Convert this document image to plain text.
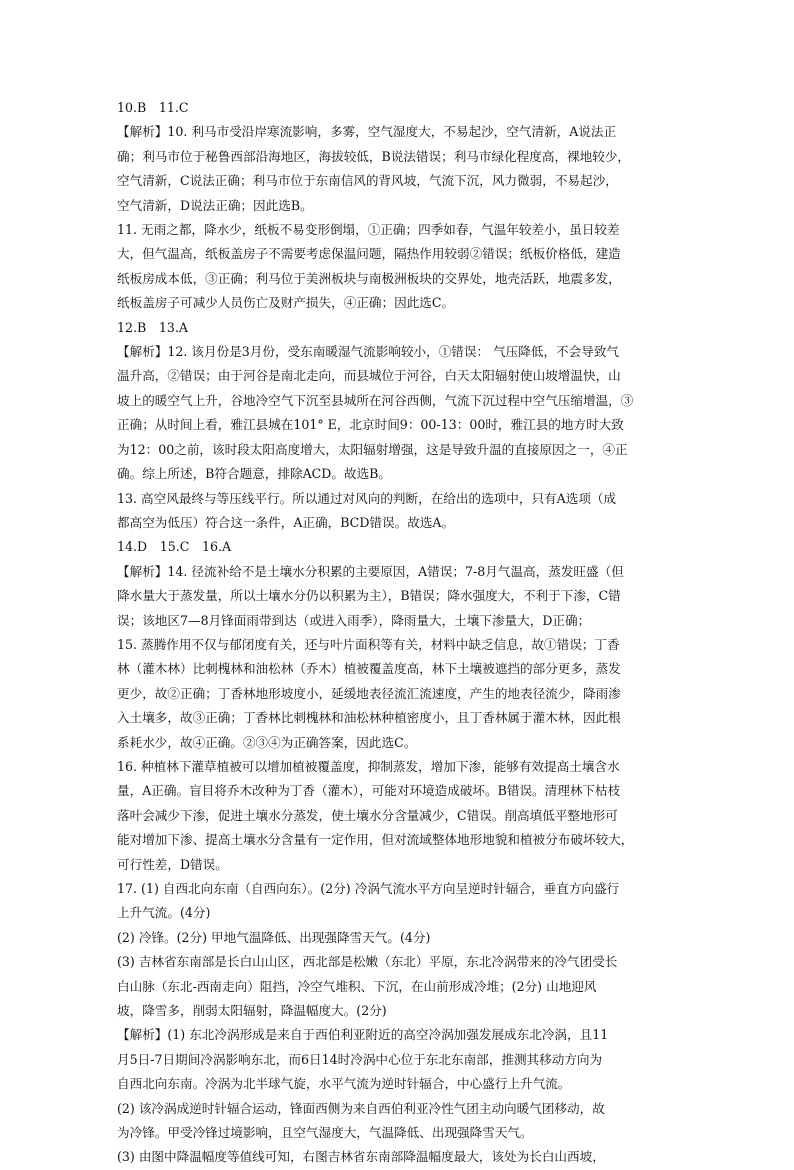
10.B　11.C

【解析】10. 利马市受沿岸寒流影响，多雾，空气湿度大，不易起沙，空气清新，A说法正

确；利马市位于秘鲁西部沿海地区，海拔较低，B说法错误；利马市绿化程度高，裸地较少，

空气清新，C说法正确；利马市位于东南信风的背风坡，气流下沉，风力微弱，不易起沙，

空气清新，D说法正确；因此选B。

11. 无雨之都，降水少，纸板不易变形倒塌，①正确；四季如春，气温年较差小，虽日较差

大，但气温高，纸板盖房子不需要考虑保温问题，隔热作用较弱②错误；纸板价格低，建造

纸板房成本低，③正确；利马位于美洲板块与南极洲板块的交界处，地壳活跃，地震多发，

纸板盖房子可减少人员伤亡及财产损失，④正确；因此选C。

12.B　13.A

【解析】12. 该月份是3月份，受东南暖湿气流影响较小，①错误： 气压降低，不会导致气

温升高，②错误；由于河谷是南北走向，而县城位于河谷，白天太阳辐射使山坡增温快，山

坡上的暖空气上升，谷地冷空气下沉至县城所在河谷西侧，气流下沉过程中空气压缩增温，③

正确；从时间上看，雅江县城在101° E，北京时间9：00-13：00时，雅江县的地方时大致

为12：00之前，该时段太阳高度增大，太阳辐射增强，这是导致升温的直接原因之一，④正

确。综上所述，B符合题意，排除ACD。故选B。

13. 高空风最终与等压线平行。所以通过对风向的判断，在给出的选项中，只有A选项（成

都高空为低压）符合这一条件，A正确，BCD错误。故选A。

14.D　15.C　16.A

【解析】14. 径流补给不是土壤水分积累的主要原因，A错误；7-8月气温高，蒸发旺盛（但

降水量大于蒸发量，所以土壤水分仍以积累为主），B错误；降水强度大，不利于下渗，C错

误；该地区7—8月锋面雨带到达（或进入雨季），降雨量大，土壤下渗量大，D正确；

15. 蒸腾作用不仅与郁闭度有关，还与叶片面积等有关，材料中缺乏信息，故①错误；丁香

林（灌木林）比刺槐林和油松林（乔木）植被覆盖度高，林下土壤被遮挡的部分更多，蒸发

更少，故②正确；丁香林地形坡度小，延缓地表径流汇流速度，产生的地表径流少，降雨渗

入土壤多，故③正确；丁香林比刺槐林和油松林种植密度小，且丁香林属于灌木林，因此根

系耗水少，故④正确。②③④为正确答案，因此选C。

16. 种植林下灌草植被可以增加植被覆盖度，抑制蒸发，增加下渗，能够有效提高土壤含水

量，A正确。盲目将乔木改种为丁香（灌木），可能对环境造成破坏。B错误。清理林下枯枝

落叶会减少下渗，促进土壤水分蒸发，使土壤水分含量减少，C错误。削高填低平整地形可

能对增加下渗、提高土壤水分含量有一定作用，但对流域整体地形地貌和植被分布破坏较大，

可行性差，D错误。

17. (1) 自西北向东南（自西向东）。(2分) 冷涡气流水平方向呈逆时针辐合，垂直方向盛行

上升气流。(4分)

(2) 冷锋。(2分) 甲地气温降低、出现强降雪天气。(4分)

(3) 吉林省东南部是长白山山区，西北部是松嫩（东北）平原，东北冷涡带来的冷气团受长

白山脉（东北-西南走向）阻挡，冷空气堆积、下沉，在山前形成冷堆；(2分) 山地迎风

坡，降雪多，削弱太阳辐射，降温幅度大。(2分)

【解析】(1) 东北冷涡形成是来自于西伯利亚附近的高空冷涡加强发展成东北冷涡，且11

月5日-7日期间冷涡影响东北，而6日14时冷涡中心位于东北东南部，推测其移动方向为

自西北向东南。冷涡为北半球气旋，水平气流为逆时针辐合，中心盛行上升气流。

(2) 该冷涡成逆时针辐合运动，锋面西侧为来自西伯利亚冷性气团主动向暖气团移动，故

为冷锋。甲受冷锋过境影响，且空气湿度大，气温降低、出现强降雪天气。

(3) 由图中降温幅度等值线可知，右图吉林省东南部降温幅度最大，该处为长白山西坡，
